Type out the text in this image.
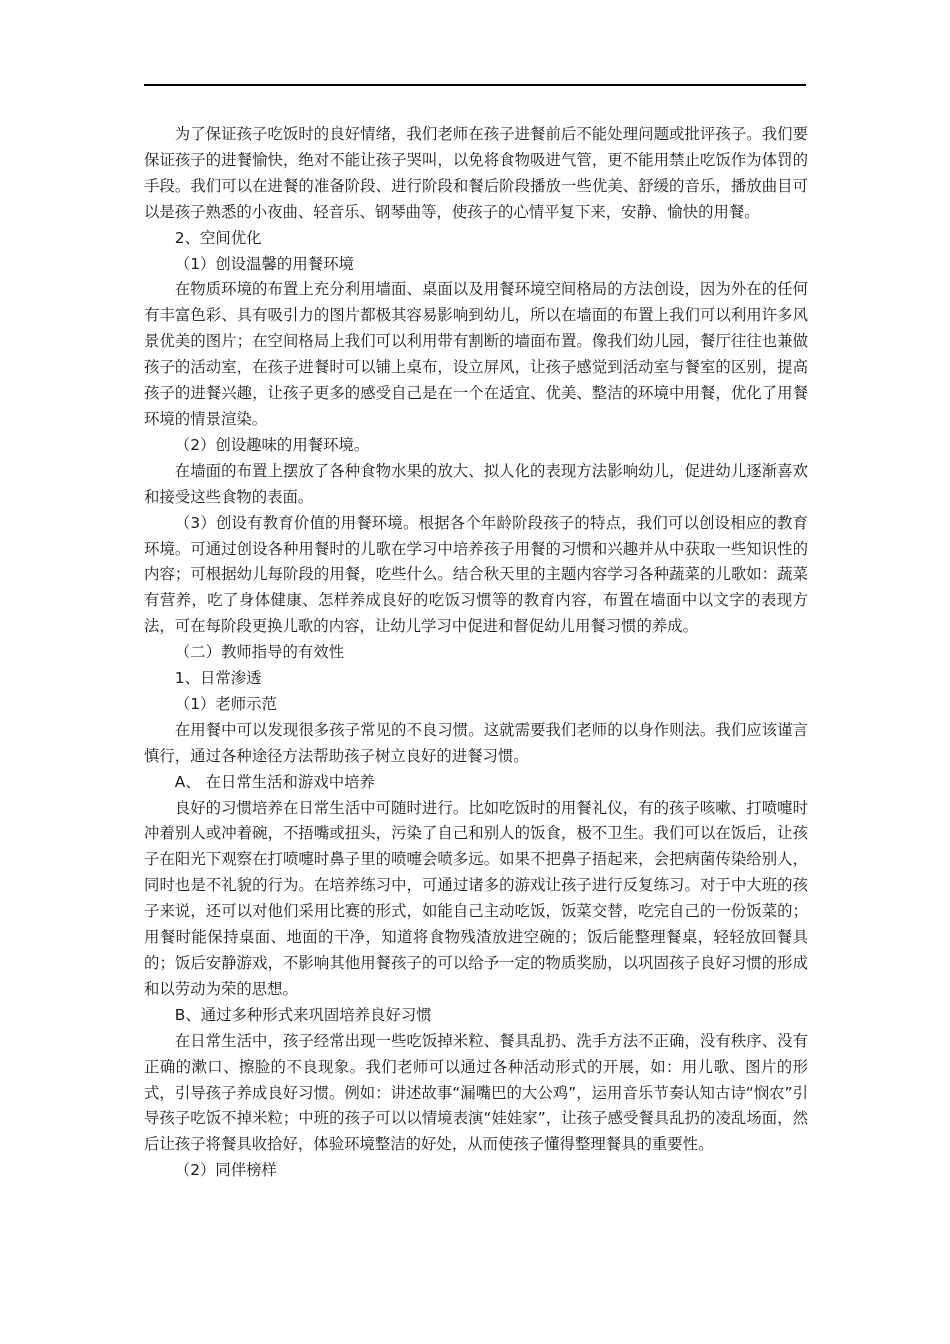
为了保证孩子吃饭时的良好情绪，我们老师在孩子进餐前后不能处理问题或批评孩子。我们要保证孩子的进餐愉快，绝对不能让孩子哭叫，以免将食物吸进气管，更不能用禁止吃饭作为体罚的手段。我们可以在进餐的准备阶段、进行阶段和餐后阶段播放一些优美、舒缓的音乐，播放曲目可以是孩子熟悉的小夜曲、轻音乐、钢琴曲等，使孩子的心情平复下来，安静、愉快的用餐。

2、空间优化

（1）创设温馨的用餐环境

在物质环境的布置上充分利用墙面、桌面以及用餐环境空间格局的方法创设，因为外在的任何有丰富色彩、具有吸引力的图片都极其容易影响到幼儿，所以在墙面的布置上我们可以利用许多风景优美的图片；在空间格局上我们可以利用带有割断的墙面布置。像我们幼儿园，餐厅往往也兼做孩子的活动室，在孩子进餐时可以铺上桌布，设立屏风，让孩子感觉到活动室与餐室的区别，提高孩子的进餐兴趣，让孩子更多的感受自己是在一个在适宜、优美、整洁的环境中用餐，优化了用餐环境的情景渲染。

（2）创设趣味的用餐环境。

在墙面的布置上摆放了各种食物水果的放大、拟人化的表现方法影响幼儿，促进幼儿逐渐喜欢和接受这些食物的表面。

（3）创设有教育价值的用餐环境。根据各个年龄阶段孩子的特点，我们可以创设相应的教育环境。可通过创设各种用餐时的儿歌在学习中培养孩子用餐的习惯和兴趣并从中获取一些知识性的内容；可根据幼儿每阶段的用餐，吃些什么。结合秋天里的主题内容学习各种蔬菜的儿歌如：蔬菜有营养，吃了身体健康、怎样养成良好的吃饭习惯等的教育内容，布置在墙面中以文字的表现方法，可在每阶段更换儿歌的内容，让幼儿学习中促进和督促幼儿用餐习惯的养成。

（二）教师指导的有效性

1、日常渗透

（1）老师示范

在用餐中可以发现很多孩子常见的不良习惯。这就需要我们老师的以身作则法。我们应该谨言慎行，通过各种途径方法帮助孩子树立良好的进餐习惯。

A、 在日常生活和游戏中培养

良好的习惯培养在日常生活中可随时进行。比如吃饭时的用餐礼仪，有的孩子咳嗽、打喷嚏时冲着别人或冲着碗，不捂嘴或扭头，污染了自己和别人的饭食，极不卫生。我们可以在饭后，让孩子在阳光下观察在打喷嚏时鼻子里的喷嚏会喷多远。如果不把鼻子捂起来，会把病菌传染给别人，同时也是不礼貌的行为。在培养练习中，可通过诸多的游戏让孩子进行反复练习。对于中大班的孩子来说，还可以对他们采用比赛的形式，如能自己主动吃饭，饭菜交替，吃完自己的一份饭菜的；用餐时能保持桌面、地面的干净，知道将食物残渣放进空碗的；饭后能整理餐桌，轻轻放回餐具的；饭后安静游戏，不影响其他用餐孩子的可以给予一定的物质奖励，以巩固孩子良好习惯的形成和以劳动为荣的思想。

B、通过多种形式来巩固培养良好习惯

在日常生活中，孩子经常出现一些吃饭掉米粒、餐具乱扔、洗手方法不正确，没有秩序、没有正确的漱口、擦脸的不良现象。我们老师可以通过各种活动形式的开展，如：用儿歌、图片的形式，引导孩子养成良好习惯。例如：讲述故事“漏嘴巴的大公鸡”，运用音乐节奏认知古诗“悯农”引导孩子吃饭不掉米粒；中班的孩子可以以情境表演“娃娃家”，让孩子感受餐具乱扔的凌乱场面，然后让孩子将餐具收拾好，体验环境整洁的好处，从而使孩子懂得整理餐具的重要性。

（2）同伴榜样
